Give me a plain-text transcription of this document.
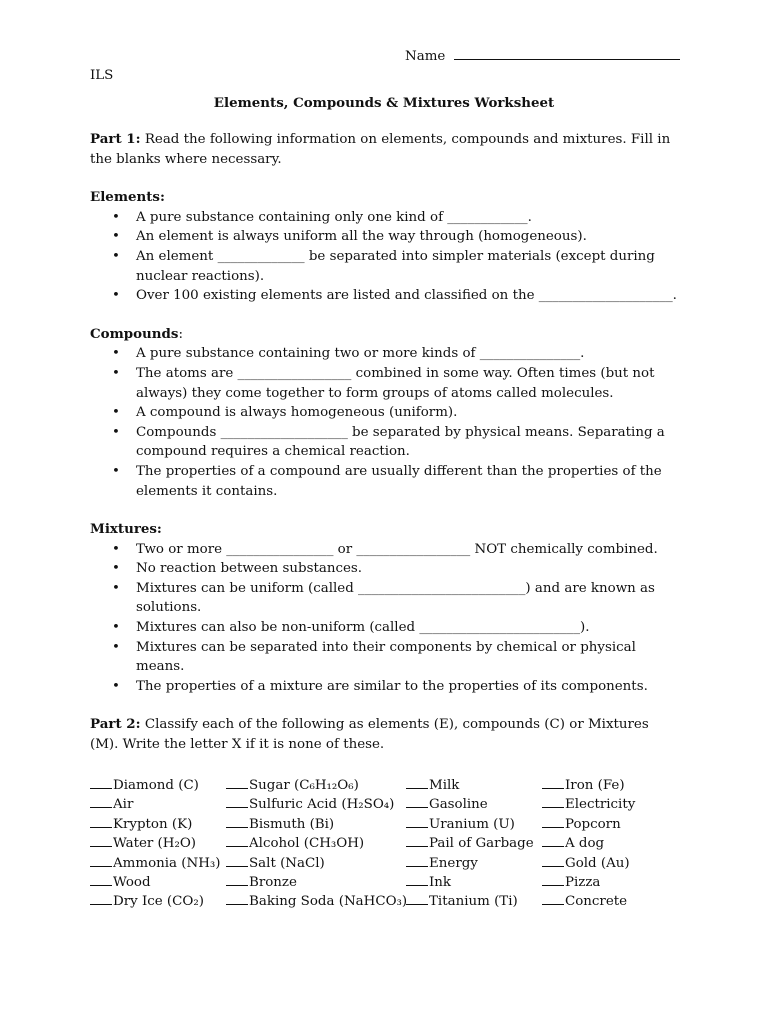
Name
ILS
Elements, Compounds & Mixtures Worksheet
Part 1: Read the following information on elements, compounds and mixtures. Fill in the blanks where necessary.
Elements:
• A pure substance containing only one kind of ____________.
• An element is always uniform all the way through (homogeneous).
• An element _____________ be separated into simpler materials (except during nuclear reactions).
• Over 100 existing elements are listed and classified on the ____________________.
Compounds:
• A pure substance containing two or more kinds of _______________.
• The atoms are _________________ combined in some way. Often times (but not always) they come together to form groups of atoms called molecules.
• A compound is always homogeneous (uniform).
• Compounds ___________________ be separated by physical means. Separating a compound requires a chemical reaction.
• The properties of a compound are usually different than the properties of the elements it contains.
Mixtures:
• Two or more ________________ or _________________ NOT chemically combined.
• No reaction between substances.
• Mixtures can be uniform (called _________________________) and are known as solutions.
• Mixtures can also be non-uniform (called ________________________).
• Mixtures can be separated into their components by chemical or physical means.
• The properties of a mixture are similar to the properties of its components.
Part 2: Classify each of the following as elements (E), compounds (C) or Mixtures (M). Write the letter X if it is none of these.
Diamond (C)	Sugar (C₆H₁₂O₆)	Milk	Iron (Fe)
Air	Sulfuric Acid (H₂SO₄)	Gasoline	Electricity
Krypton (K)	Bismuth (Bi)	Uranium (U)	Popcorn
Water (H₂O)	Alcohol (CH₃OH)	Pail of Garbage	A dog
Ammonia (NH₃)	Salt (NaCl)	Energy	Gold (Au)
Wood	Bronze	Ink	Pizza
Dry Ice (CO₂)	Baking Soda (NaHCO₃)	Titanium (Ti)	Concrete
